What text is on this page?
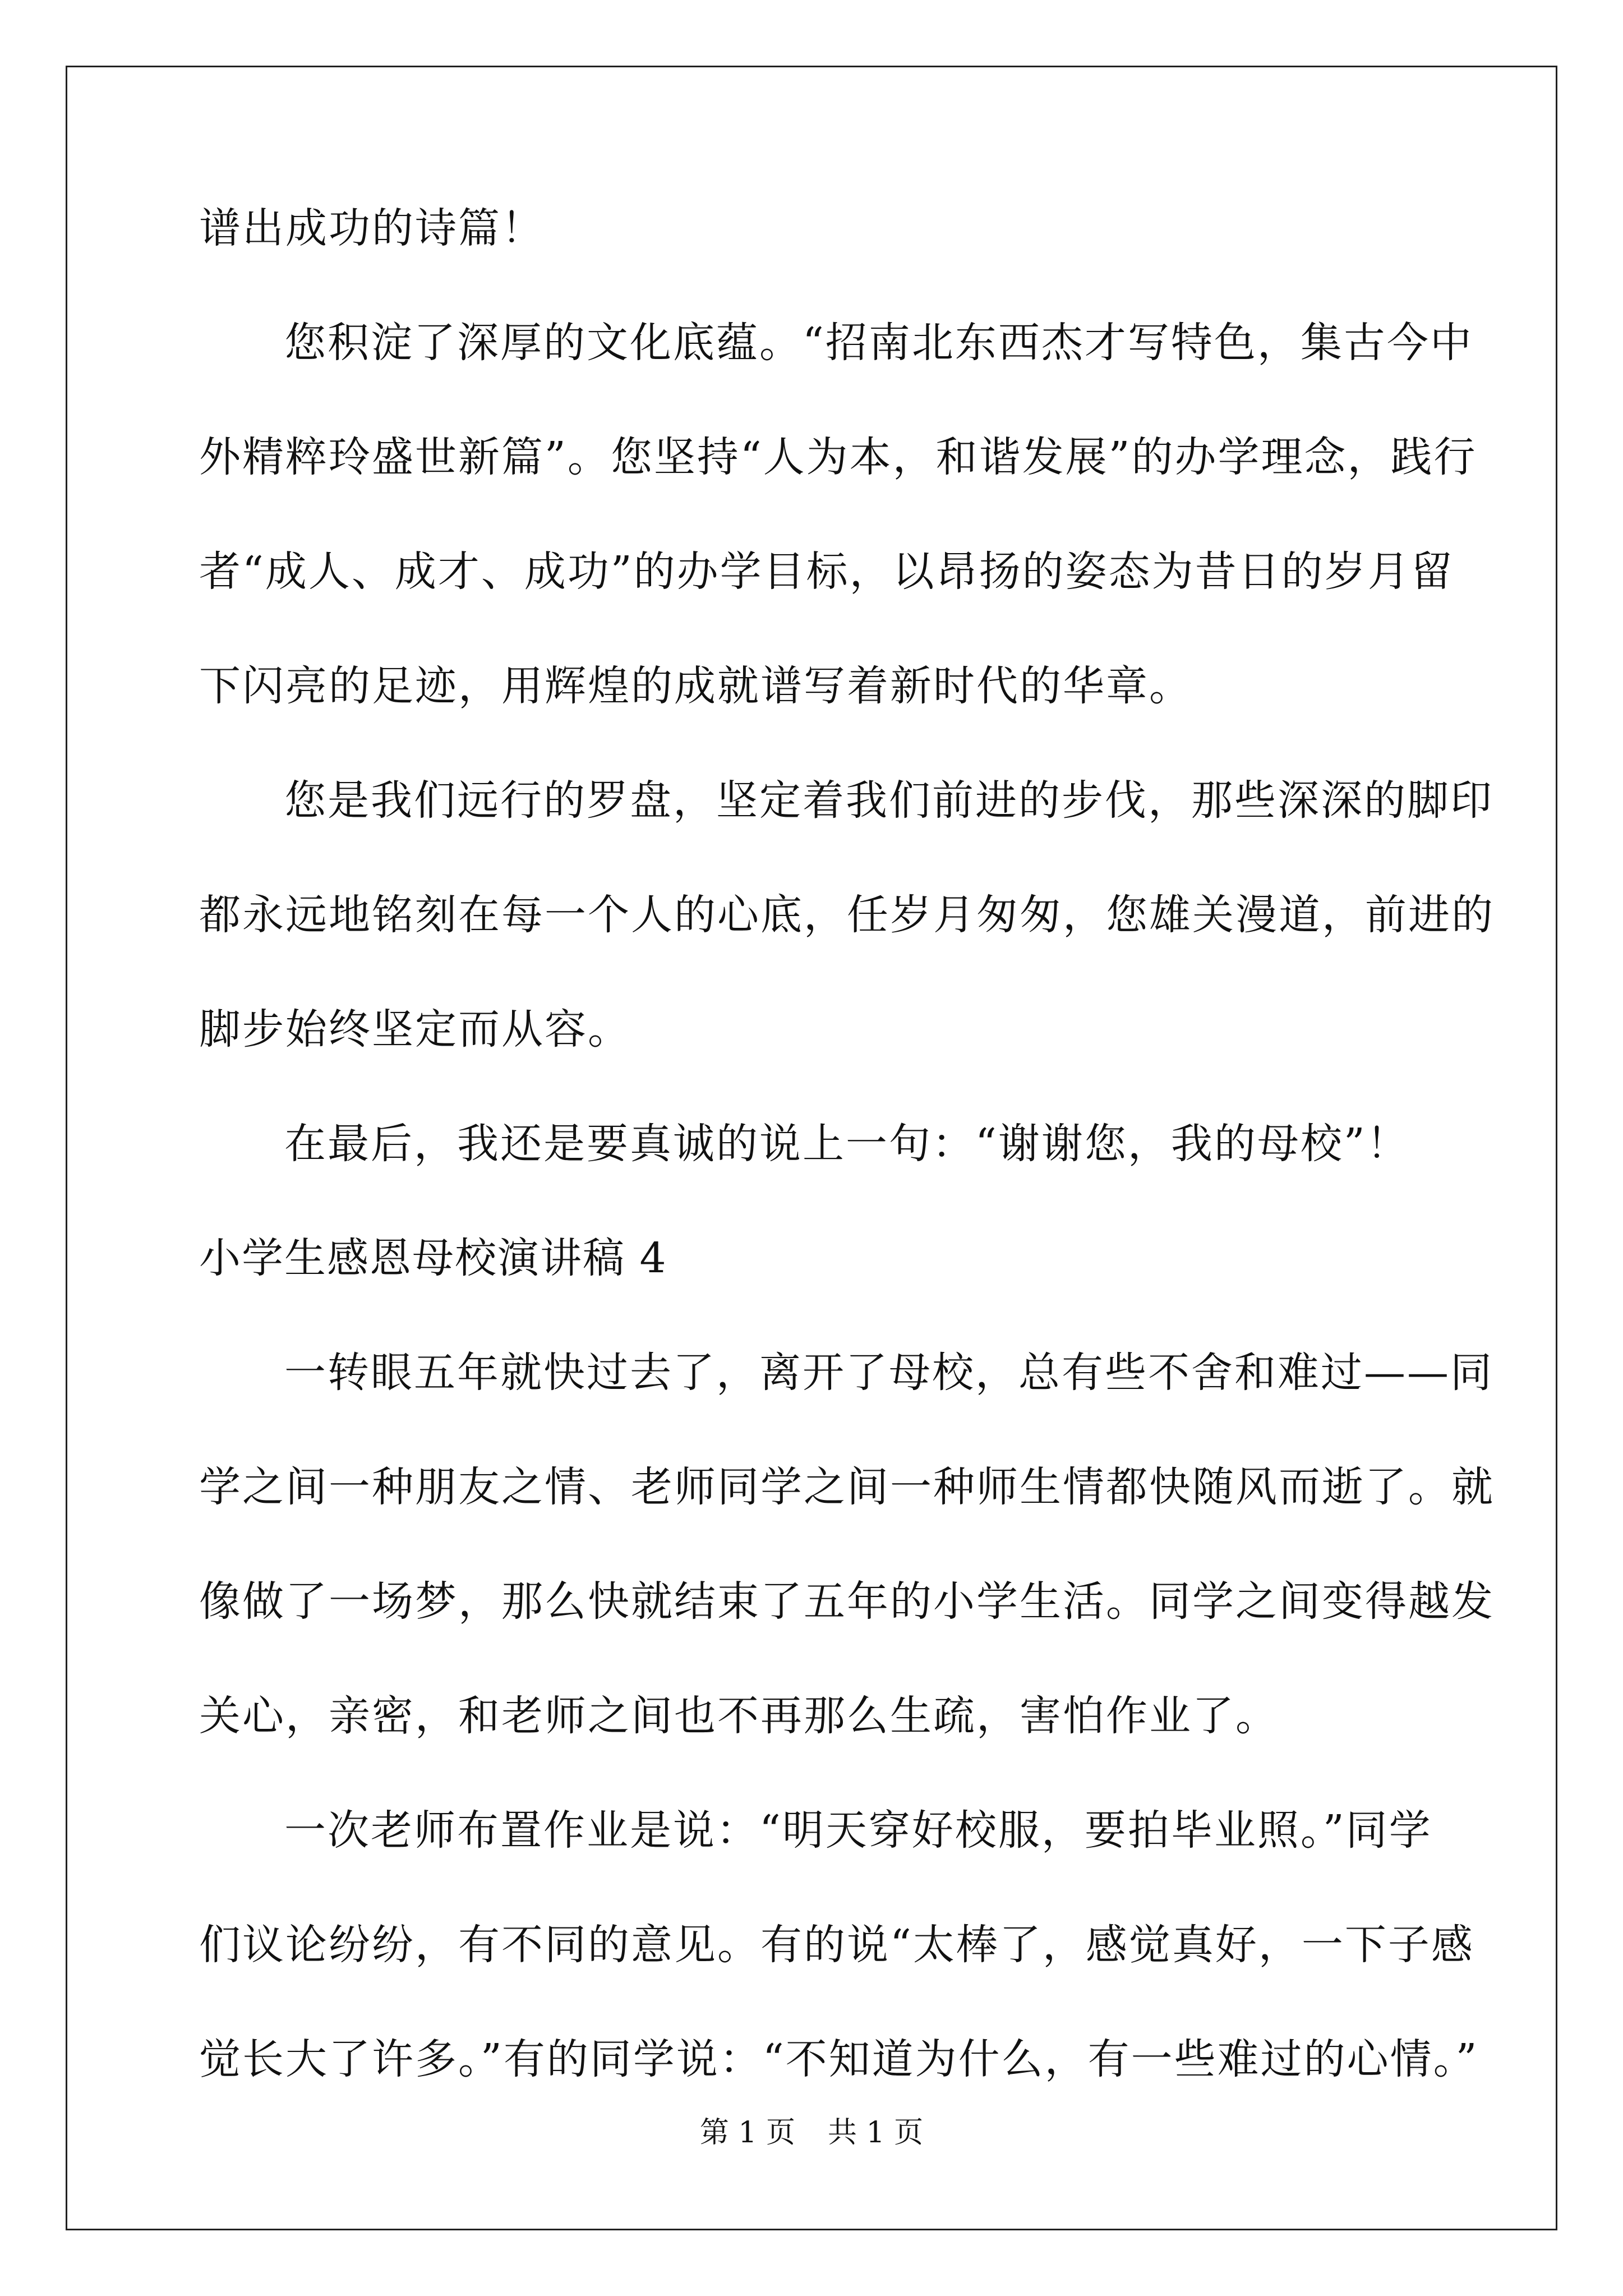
谱出成功的诗篇！
您积淀了深厚的文化底蕴。“招南北东西杰才写特色，集古今中
外精粹玲盛世新篇”。您坚持“人为本，和谐发展”的办学理念，践行
者“成人、成才、成功”的办学目标，以昂扬的姿态为昔日的岁月留
下闪亮的足迹，用辉煌的成就谱写着新时代的华章。
您是我们远行的罗盘，坚定着我们前进的步伐，那些深深的脚印
都永远地铭刻在每一个人的心底，任岁月匆匆，您雄关漫道，前进的
脚步始终坚定而从容。
在最后，我还是要真诚的说上一句：“谢谢您，我的母校”！
小学生感恩母校演讲稿 4
一转眼五年就快过去了，离开了母校，总有些不舍和难过——同
学之间一种朋友之情、老师同学之间一种师生情都快随风而逝了。就
像做了一场梦，那么快就结束了五年的小学生活。同学之间变得越发
关心，亲密，和老师之间也不再那么生疏，害怕作业了。
一次老师布置作业是说：“明天穿好校服，要拍毕业照。”同学
们议论纷纷，有不同的意见。有的说“太棒了，感觉真好，一下子感
觉长大了许多。”有的同学说：“不知道为什么，有一些难过的心情。”
第 1 页 共 1 页
